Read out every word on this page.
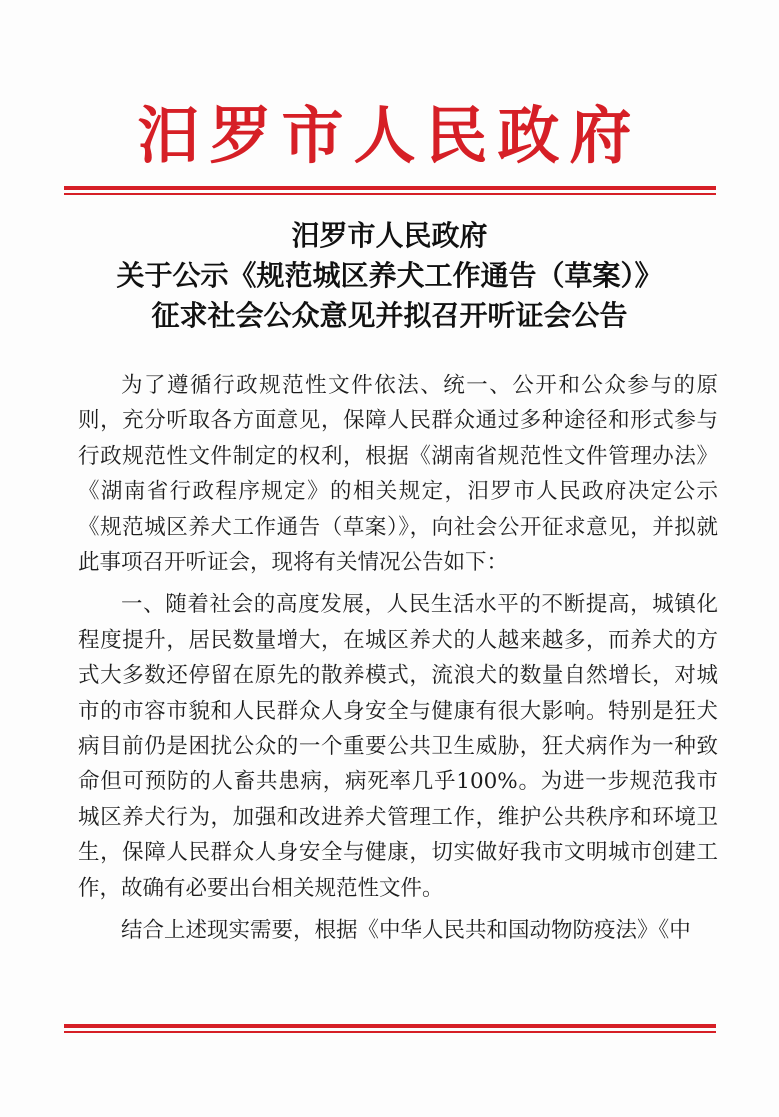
汨罗市人民政府
汨罗市人民政府
关于公示《规范城区养犬工作通告（草案）》
征求社会公众意见并拟召开听证会公告

为了遵循行政规范性文件依法、统一、公开和公众参与的原则，充分听取各方面意见，保障人民群众通过多种途径和形式参与行政规范性文件制定的权利，根据《湖南省规范性文件管理办法》《湖南省行政程序规定》的相关规定，汨罗市人民政府决定公示《规范城区养犬工作通告（草案）》，向社会公开征求意见，并拟就此事项召开听证会，现将有关情况公告如下：

一、随着社会的高度发展，人民生活水平的不断提高，城镇化程度提升，居民数量增大，在城区养犬的人越来越多，而养犬的方式大多数还停留在原先的散养模式，流浪犬的数量自然增长，对城市的市容市貌和人民群众人身安全与健康有很大影响。特别是狂犬病目前仍是困扰公众的一个重要公共卫生威胁，狂犬病作为一种致命但可预防的人畜共患病，病死率几乎100%。为进一步规范我市城区养犬行为，加强和改进养犬管理工作，维护公共秩序和环境卫生，保障人民群众人身安全与健康，切实做好我市文明城市创建工作，故确有必要出台相关规范性文件。

结合上述现实需要，根据《中华人民共和国动物防疫法》《中
